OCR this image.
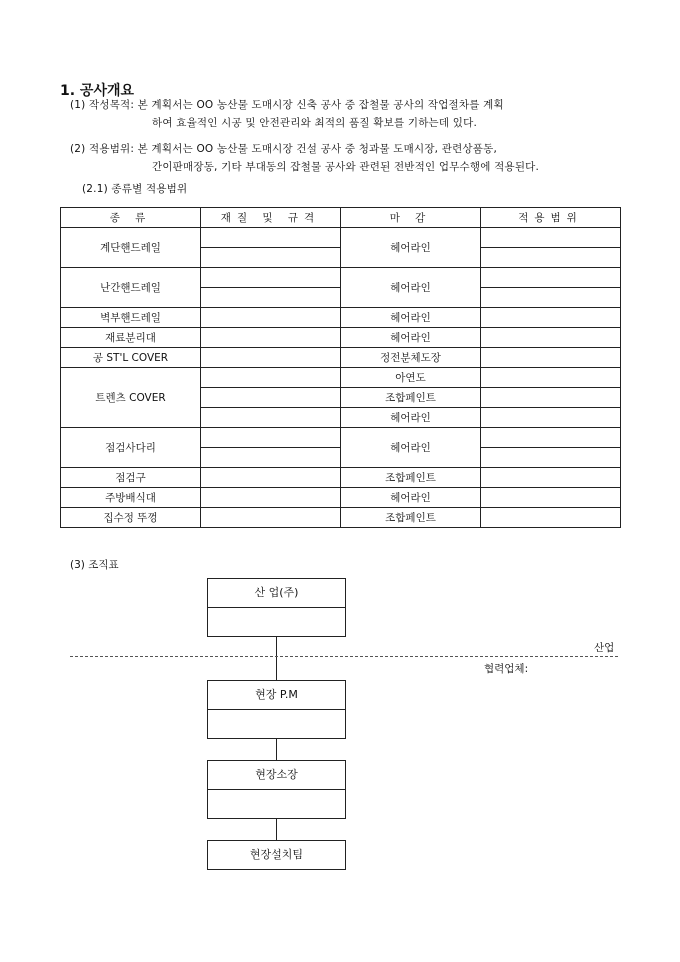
1. 공사개요
(1) 작성목적: 본 계획서는 OO 농산물 도매시장 신축 공사 중 잡철물 공사의 작업절차를 계획
하여 효율적인 시공 및 안전관리와 최적의 품질 확보를 기하는데 있다.
(2) 적용범위: 본 계획서는 OO 농산물 도매시장 건설 공사 중 청과물 도매시장, 관련상품동,
간이판매장동, 기타 부대동의 잡철물 공사와 관련된 전반적인 업무수행에 적용된다.
(2.1) 종류별 적용범위
종 류	재질 및 규격	마 감	적용범위
계단핸드레일		헤어라인	

난간핸드레일		헤어라인	

벽부핸드레일		헤어라인	
재료분리대		헤어라인	
공 ST'L COVER		정전분체도장	
트렌츠 COVER		아연도	
		조합페인트	
		헤어라인	
점검사다리		헤어라인	

점검구		조합페인트	
주방배식대		헤어라인	
집수정 뚜껑		조합페인트	
(3) 조직표
산 업(주)
산업
협력업체:
현장 P.M
현장소장
현장설치팀
